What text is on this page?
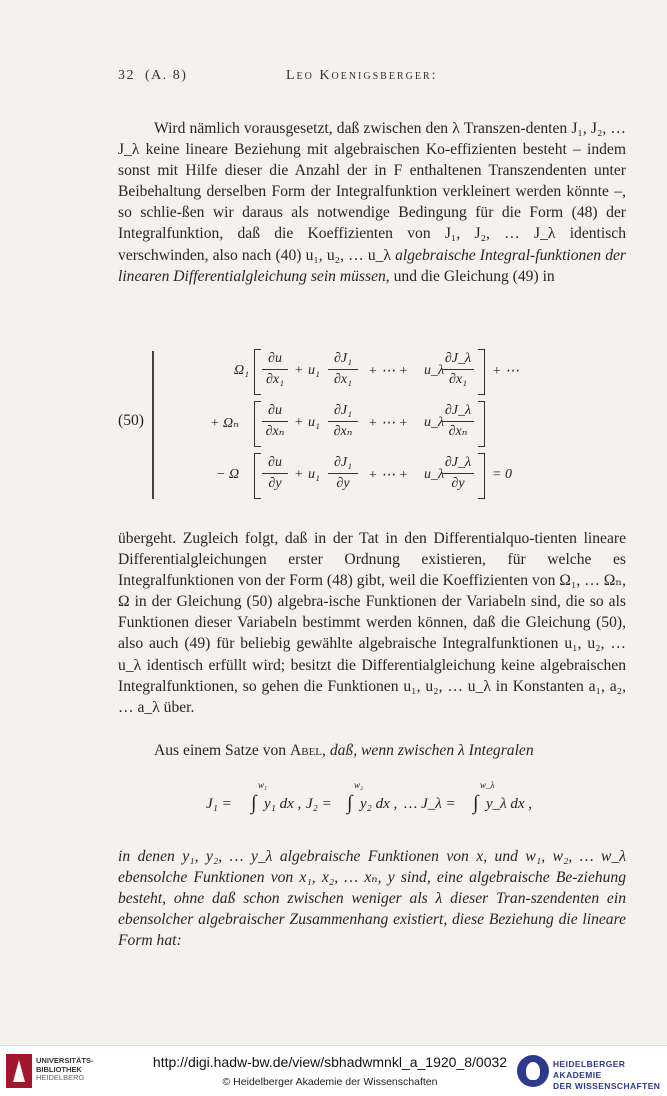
32 (A. 8)	Leo Koenigsberger:

Wird nämlich vorausgesetzt, daß zwischen den λ Transzen-denten J₁, J₂, … J_λ keine lineare Beziehung mit algebraischen Ko-effizienten besteht – indem sonst mit Hilfe dieser die Anzahl der in F enthaltenen Transzendenten unter Beibehaltung derselben Form der Integralfunktion verkleinert werden könnte –, so schlie-ßen wir daraus als notwendige Bedingung für die Form (48) der Integralfunktion, daß die Koeffizienten von J₁, J₂, … J_λ identisch verschwinden, also nach (40) u₁, u₂, … u_λ algebraische Integral-funktionen der linearen Differentialgleichung sein müssen, und die Gleichung (49) in

(50)
$\Omega_1 \frac{\partial u}{\text{∂x₁}} + u_1 \frac{\text{∂J₁}}{\text{∂x₁}}$ + ⋯ + u_λ
$\frac{\partial J\_\lambda}{\text{∂x₁}}$ + ⋯
+ Ωₙ $\frac{\partial u}{\text{∂xₙ}} + u_1 \frac{\text{∂J₁}}{\text{∂xₙ}}$ + ⋯ + u_λ
$\frac{\partial J\_\lambda}{\text{∂xₙ}}$
− Ω $\frac{\partial u}{\partial y} + u_1 \frac{\text{∂J₁}}{\partial y}$ + ⋯ + u_λ
$\frac{\partial J\_\lambda}{\partial y} = 0$

übergeht. Zugleich folgt, daß in der Tat in den Differentialquo-tienten lineare Differentialgleichungen erster Ordnung existieren, für welche es Integralfunktionen von der Form (48) gibt, weil die Koeffizienten von Ω₁, … Ωₙ, Ω in der Gleichung (50) algebra-ische Funktionen der Variabeln sind, die so als Funktionen dieser Variabeln bestimmt werden können, daß die Gleichung (50), also auch (49) für beliebig gewählte algebraische Integralfunktionen u₁, u₂, … u_λ identisch erfüllt wird; besitzt die Differentialgleichung keine algebraischen Integralfunktionen, so gehen die Funktionen u₁, u₂, … u_λ in Konstanten a₁, a₂, … a_λ über.

Aus einem Satze von Abel, daß, wenn zwischen λ Integralen

w₁	w₂	w_λ
J₁ = ∫ y₁ dx , J₂ = ∫ y₂ dx , … J_λ = ∫ y_λ dx ,

in denen y₁, y₂, … y_λ algebraische Funktionen von x, und w₁, w₂, … w_λ ebensolche Funktionen von x₁, x₂, … xₙ, y sind, eine algebraische Be-ziehung besteht, ohne daß schon zwischen weniger als λ dieser Tran-szendenten ein ebensolcher algebraischer Zusammenhang existiert, diese Beziehung die lineare Form hat:

UNIVERSITÄTS-
BIBLIOTHEK
HEIDELBERG
http://digi.hadw-bw.de/view/sbhadwmnkl_a_1920_8/0032
© Heidelberger Akademie der Wissenschaften
HEIDELBERGER AKADEMIE
DER WISSENSCHAFTEN
